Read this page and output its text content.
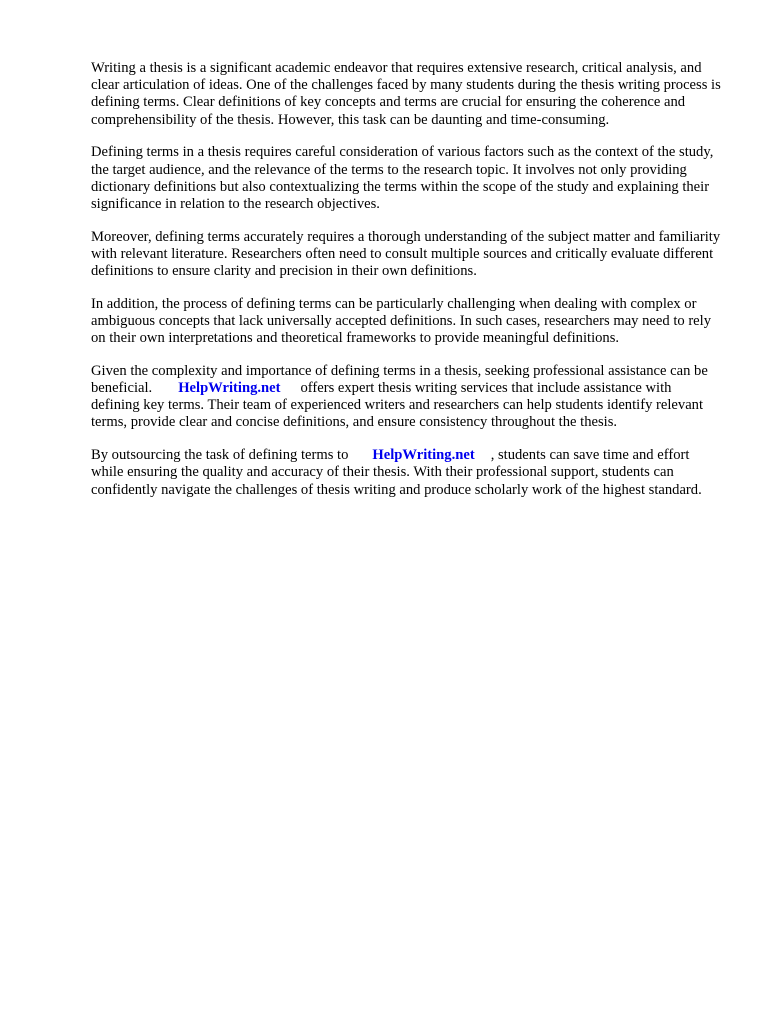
Writing a thesis is a significant academic endeavor that requires extensive research, critical analysis, and clear articulation of ideas. One of the challenges faced by many students during the thesis writing process is defining terms. Clear definitions of key concepts and terms are crucial for ensuring the coherence and comprehensibility of the thesis. However, this task can be daunting and time-consuming.

Defining terms in a thesis requires careful consideration of various factors such as the context of the study, the target audience, and the relevance of the terms to the research topic. It involves not only providing dictionary definitions but also contextualizing the terms within the scope of the study and explaining their significance in relation to the research objectives.

Moreover, defining terms accurately requires a thorough understanding of the subject matter and familiarity with relevant literature. Researchers often need to consult multiple sources and critically evaluate different definitions to ensure clarity and precision in their own definitions.

In addition, the process of defining terms can be particularly challenging when dealing with complex or ambiguous concepts that lack universally accepted definitions. In such cases, researchers may need to rely on their own interpretations and theoretical frameworks to provide meaningful definitions.

Given the complexity and importance of defining terms in a thesis, seeking professional assistance can be beneficial. HelpWriting.net offers expert thesis writing services that include assistance with defining key terms. Their team of experienced writers and researchers can help students identify relevant terms, provide clear and concise definitions, and ensure consistency throughout the thesis.

By outsourcing the task of defining terms to HelpWriting.net , students can save time and effort while ensuring the quality and accuracy of their thesis. With their professional support, students can confidently navigate the challenges of thesis writing and produce scholarly work of the highest standard.
